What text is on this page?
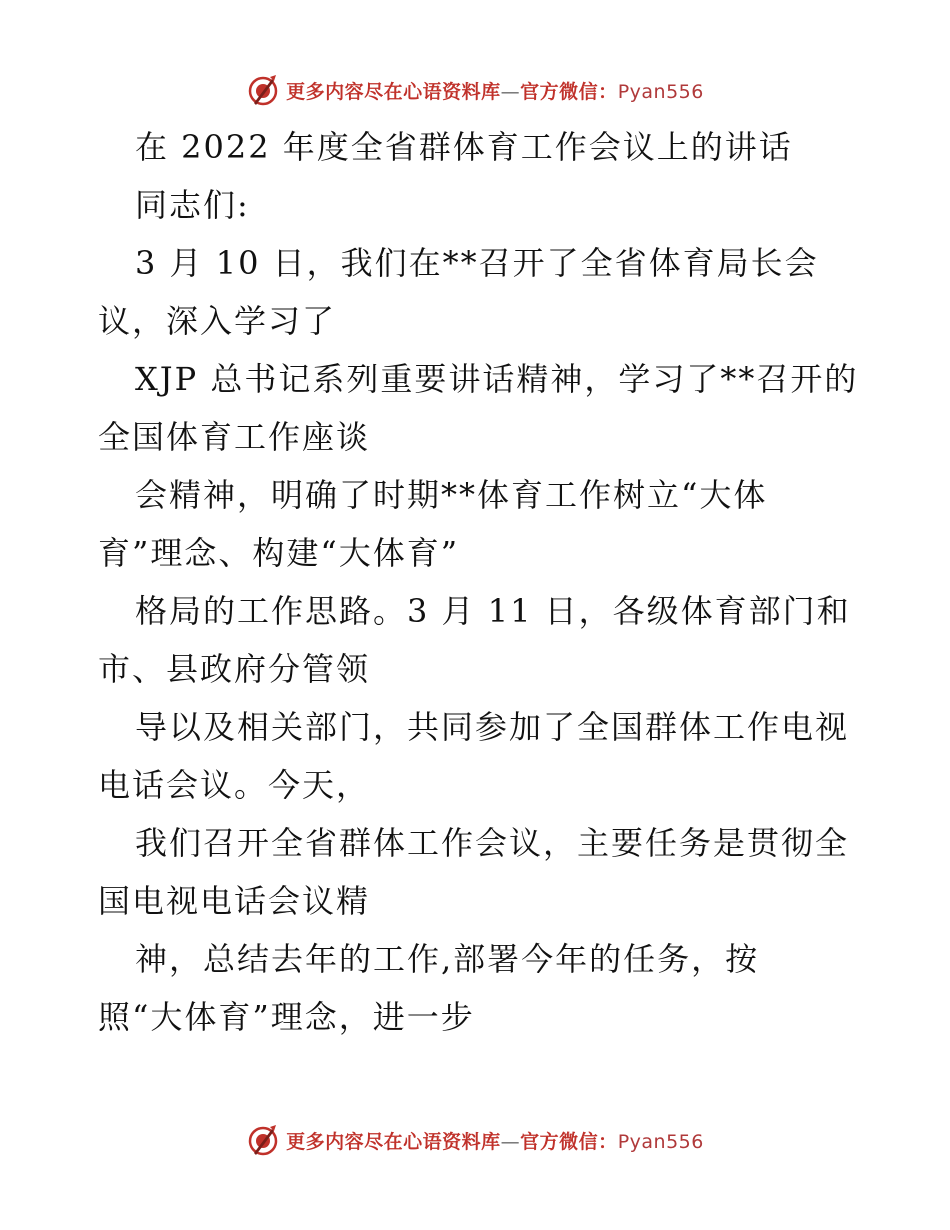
更多内容尽在心语资料库—官方微信：Pyan556
在 2022 年度全省群体育工作会议上的讲话
同志们:
3 月 10 日，我们在**召开了全省体育局长会
议，深入学习了
XJP 总书记系列重要讲话精神，学习了**召开的
全国体育工作座谈
会精神，明确了时期**体育工作树立“大体
育”理念、构建“大体育”
格局的工作思路。3 月 11 日，各级体育部门和
市、县政府分管领
导以及相关部门，共同参加了全国群体工作电视
电话会议。今天，
我们召开全省群体工作会议，主要任务是贯彻全
国电视电话会议精
神，总结去年的工作,部署今年的任务，按
照“大体育”理念，进一步
更多内容尽在心语资料库—官方微信：Pyan556
